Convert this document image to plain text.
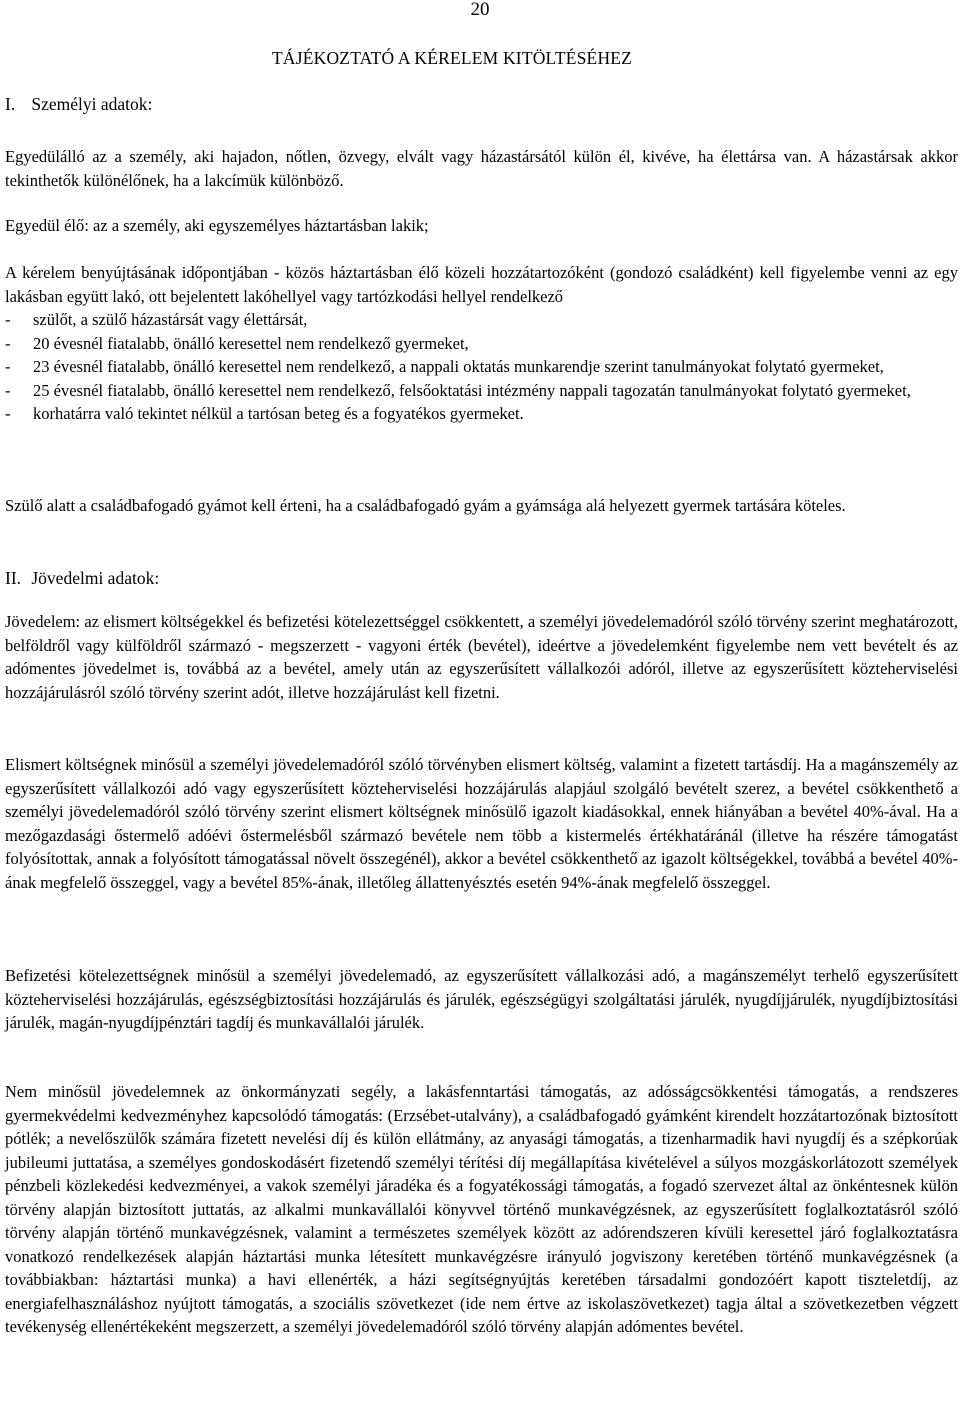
20
TÁJÉKOZTATÓ A KÉRELEM KITÖLTÉSÉHEZ
I. Személyi adatok:

Egyedülálló az a személy, aki hajadon, nőtlen, özvegy, elvált vagy házastársától külön él, kivéve, ha élettársa van. A házastársak akkor tekinthetők különélőnek, ha a lakcímük különböző.

Egyedül élő: az a személy, aki egyszemélyes háztartásban lakik;

A kérelem benyújtásának időpontjában - közös háztartásban élő közeli hozzátartozóként (gondozó családként) kell figyelembe venni az egy lakásban együtt lakó, ott bejelentett lakóhellyel vagy tartózkodási hellyel rendelkező

-	szülőt, a szülő házastársát vagy élettársát,
-	20 évesnél fiatalabb, önálló keresettel nem rendelkező gyermeket,
-	23 évesnél fiatalabb, önálló keresettel nem rendelkező, a nappali oktatás munkarendje szerint tanulmányokat folytató gyermeket,
-	25 évesnél fiatalabb, önálló keresettel nem rendelkező, felsőoktatási intézmény nappali tagozatán tanulmányokat folytató gyermeket,
-	korhatárra való tekintet nélkül a tartósan beteg és a fogyatékos gyermeket.

Szülő alatt a családbafogadó gyámot kell érteni, ha a családbafogadó gyám a gyámsága alá helyezett gyermek tartására köteles.

II. Jövedelmi adatok:

Jövedelem: az elismert költségekkel és befizetési kötelezettséggel csökkentett, a személyi jövedelemadóról szóló törvény szerint meghatározott, belföldről vagy külföldről származó - megszerzett - vagyoni érték (bevétel), ideértve a jövedelemként figyelembe nem vett bevételt és az adómentes jövedelmet is, továbbá az a bevétel, amely után az egyszerűsített vállalkozói adóról, illetve az egyszerűsített közteherviselési hozzájárulásról szóló törvény szerint adót, illetve hozzájárulást kell fizetni.

Elismert költségnek minősül a személyi jövedelemadóról szóló törvényben elismert költség, valamint a fizetett tartásdíj. Ha a magánszemély az egyszerűsített vállalkozói adó vagy egyszerűsített közteherviselési hozzájárulás alapjául szolgáló bevételt szerez, a bevétel csökkenthető a személyi jövedelemadóról szóló törvény szerint elismert költségnek minősülő igazolt kiadásokkal, ennek hiányában a bevétel 40%-ával. Ha a mezőgazdasági őstermelő adóévi őstermelésből származó bevétele nem több a kistermelés értékhatáránál (illetve ha részére támogatást folyósítottak, annak a folyósított támogatással növelt összegénél), akkor a bevétel csökkenthető az igazolt költségekkel, továbbá a bevétel 40%-ának megfelelő összeggel, vagy a bevétel 85%-ának, illetőleg állattenyésztés esetén 94%-ának megfelelő összeggel.

Befizetési kötelezettségnek minősül a személyi jövedelemadó, az egyszerűsített vállalkozási adó, a magánszemélyt terhelő egyszerűsített közteherviselési hozzájárulás, egészségbiztosítási hozzájárulás és járulék, egészségügyi szolgáltatási járulék, nyugdíjjárulék, nyugdíjbiztosítási járulék, magán-nyugdíjpénztári tagdíj és munkavállalói járulék.

Nem minősül jövedelemnek az önkormányzati segély, a lakásfenntartási támogatás, az adósságcsökkentési támogatás, a rendszeres gyermekvédelmi kedvezményhez kapcsolódó támogatás: (Erzsébet-utalvány), a családbafogadó gyámként kirendelt hozzátartozónak biztosított pótlék; a nevelőszülők számára fizetett nevelési díj és külön ellátmány, az anyasági támogatás, a tizenharmadik havi nyugdíj és a szépkorúak jubileumi juttatása, a személyes gondoskodásért fizetendő személyi térítési díj megállapítása kivételével a súlyos mozgáskorlátozott személyek pénzbeli közlekedési kedvezményei, a vakok személyi járadéka és a fogyatékossági támogatás, a fogadó szervezet által az önkéntesnek külön törvény alapján biztosított juttatás, az alkalmi munkavállalói könyvvel történő munkavégzésnek, az egyszerűsített foglalkoztatásról szóló törvény alapján történő munkavégzésnek, valamint a természetes személyek között az adórendszeren kívüli keresettel járó foglalkoztatásra vonatkozó rendelkezések alapján háztartási munka létesített munkavégzésre irányuló jogviszony keretében történő munkavégzésnek (a továbbiakban: háztartási munka) a havi ellenérték, a házi segítségnyújtás keretében társadalmi gondozóért kapott tiszteletdíj, az energiafelhasználáshoz nyújtott támogatás, a szociális szövetkezet (ide nem értve az iskolaszövetkezet) tagja által a szövetkezetben végzett tevékenység ellenértékeként megszerzett, a személyi jövedelemadóról szóló törvény alapján adómentes bevétel.
